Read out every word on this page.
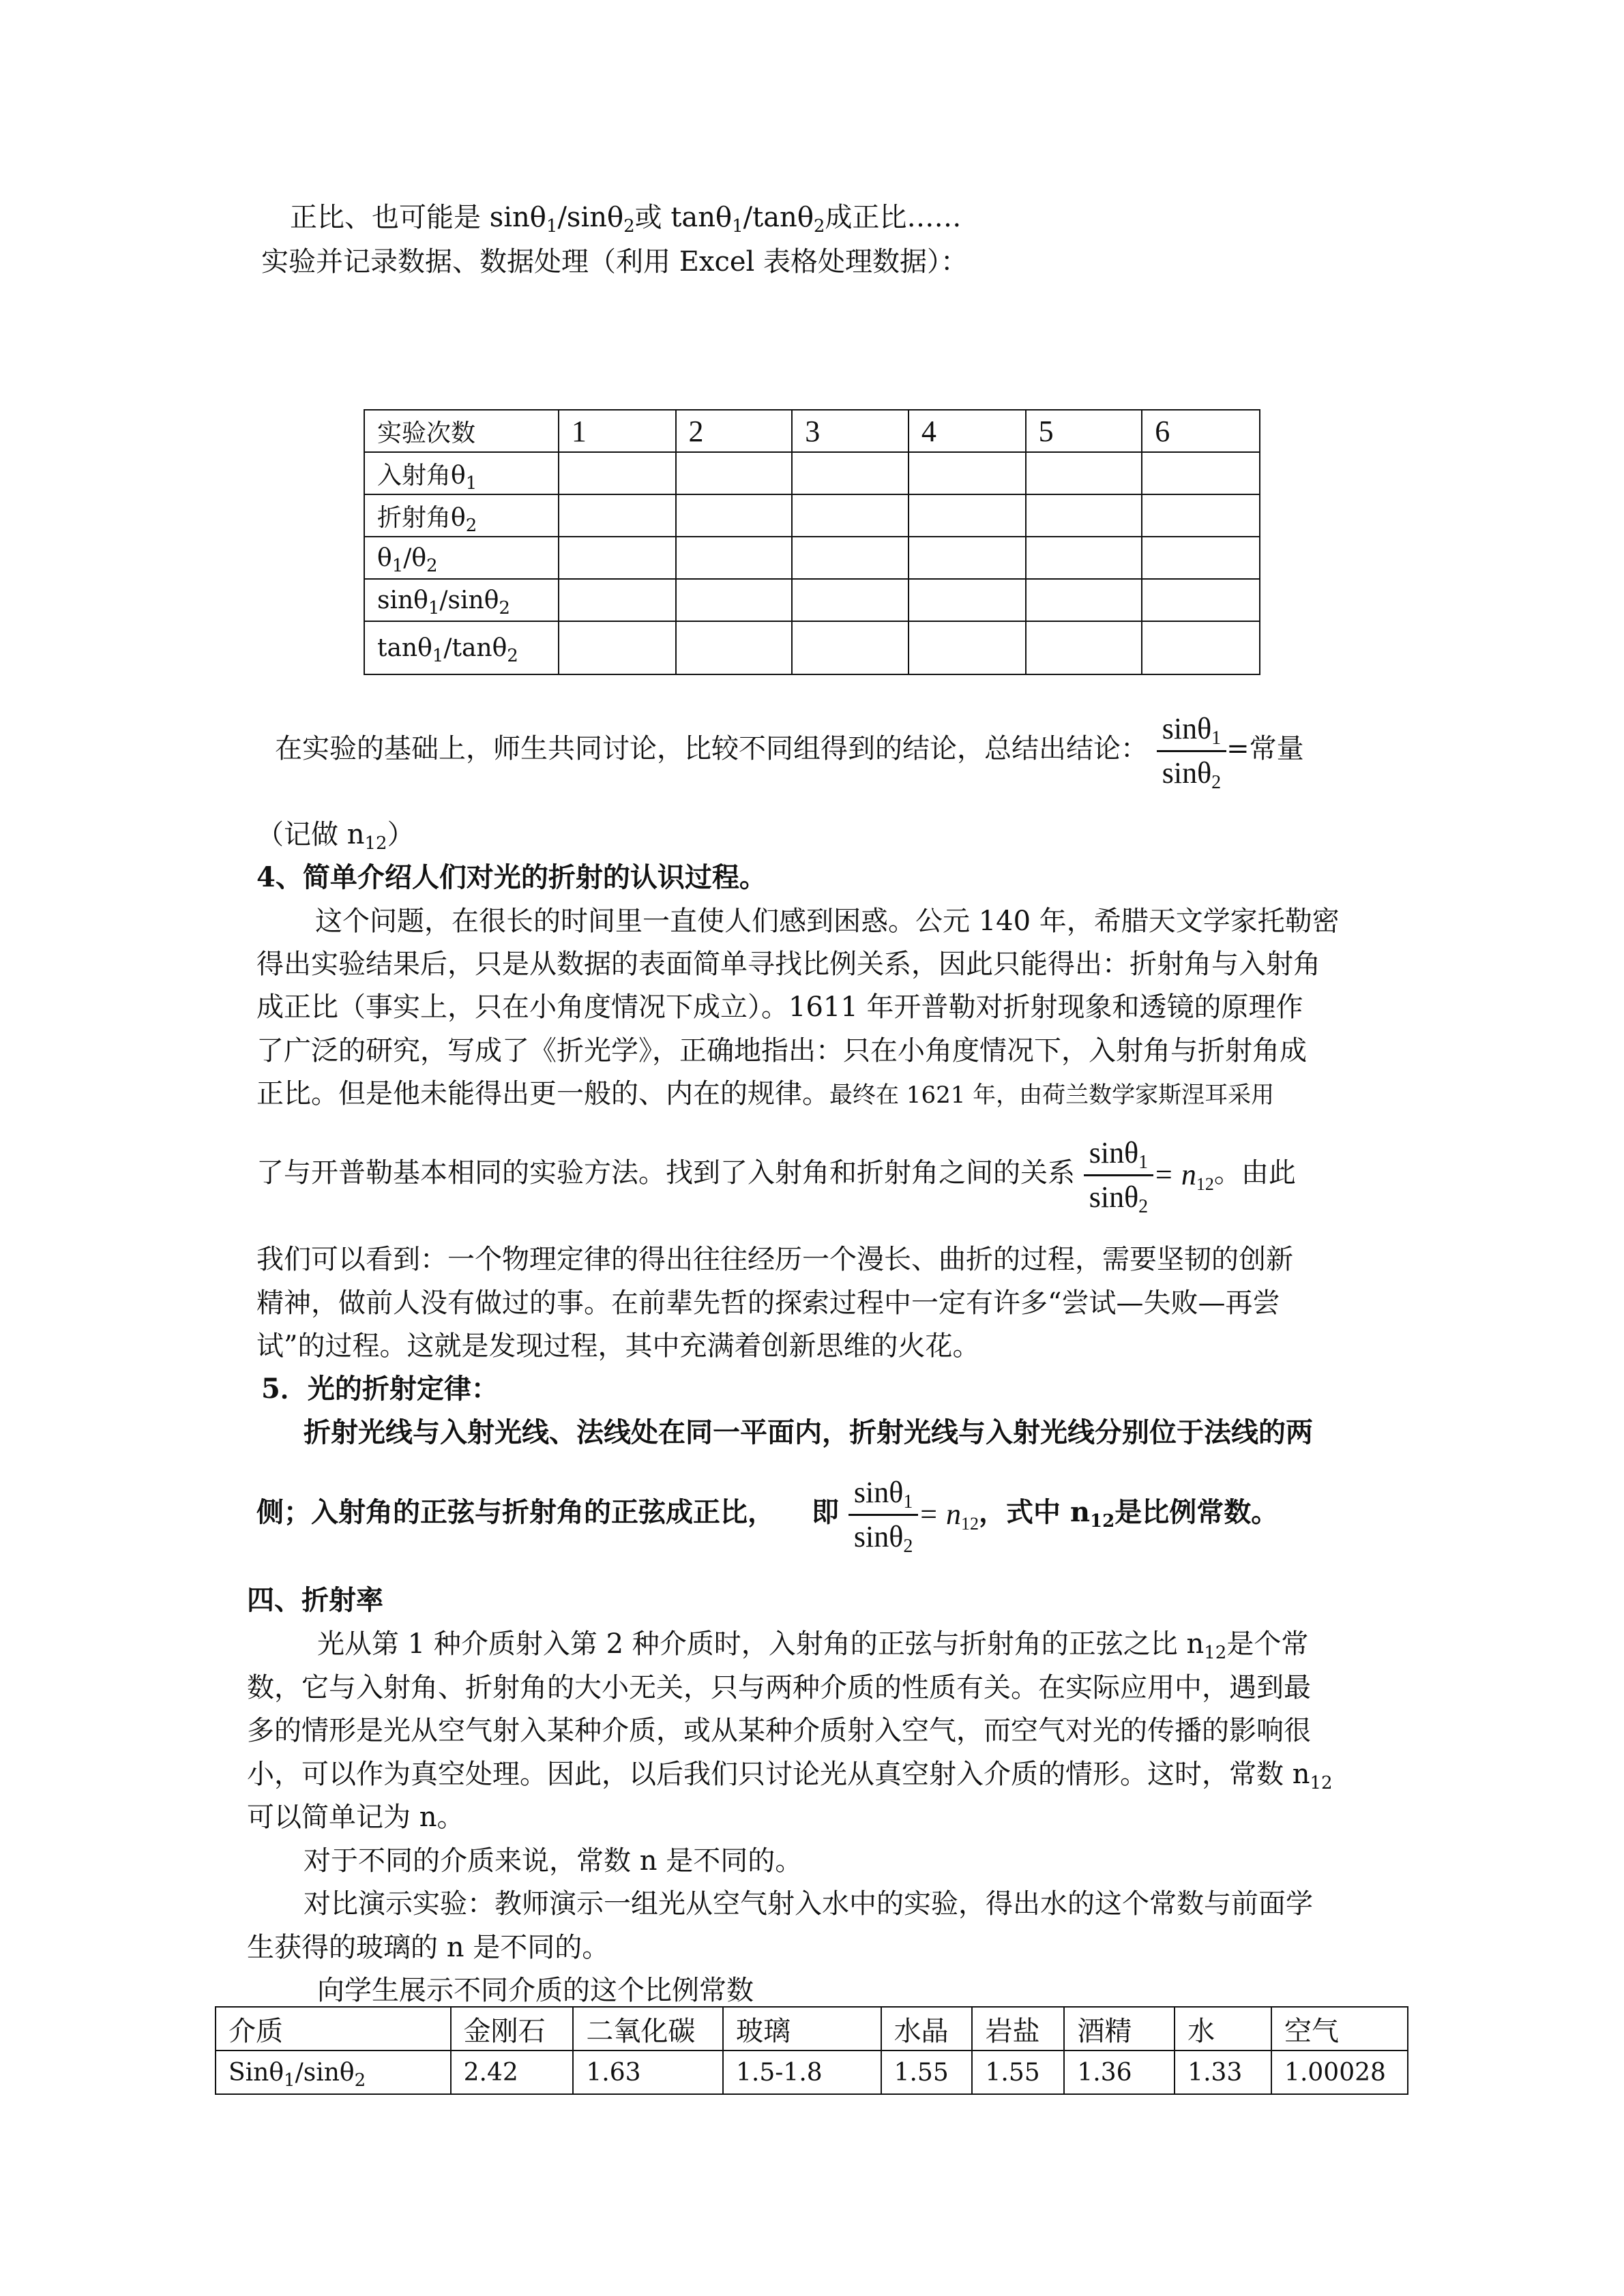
正比、也可能是 sinθ$_1$/sinθ$_2$或 tanθ$_1$/tanθ$_2$成正比……
实验并记录数据、数据处理（利用 Excel 表格处理数据）：
实验次数	1	2	3	4	5	6
入射角$\theta_1$						
折射角$\theta_2$						
$\theta_1/\theta_2$						
sinθ$_1$/sinθ$_2$						
tanθ$_1$/tanθ$_2$						
在实验的基础上，师生共同讨论，比较不同组得到的结论，总结出结论： $\frac{\sin\theta_1}{\sin\theta_2}$ =常量
（记做 $n_{12}$）
4、简单介绍人们对光的折射的认识过程。
这个问题，在很长的时间里一直使人们感到困惑。公元 140 年，希腊天文学家托勒密
得出实验结果后，只是从数据的表面简单寻找比例关系，因此只能得出：折射角与入射角
成正比（事实上，只在小角度情况下成立）。1611 年开普勒对折射现象和透镜的原理作
了广泛的研究，写成了《折光学》，正确地指出：只在小角度情况下，入射角与折射角成
正比。但是他未能得出更一般的、内在的规律。最终在 1621 年，由荷兰数学家斯涅耳采用
了与开普勒基本相同的实验方法。找到了入射角和折射角之间的关系 $\frac{\sin\theta_1}{\sin\theta_2} = n_{12}$。由此
我们可以看到：一个物理定律的得出往往经历一个漫长、曲折的过程，需要坚韧的创新
精神，做前人没有做过的事。在前辈先哲的探索过程中一定有许多“尝试—失败—再尝
试”的过程。这就是发现过程，其中充满着创新思维的火花。
5．光的折射定律：
折射光线与入射光线、法线处在同一平面内，折射光线与入射光线分别位于法线的两
侧；入射角的正弦与折射角的正弦成正比， 即 $\frac{\sin\theta_1}{\sin\theta_2} = n_{12}$，式中 $n_{12}$是比例常数。
四、折射率
光从第 1 种介质射入第 2 种介质时，入射角的正弦与折射角的正弦之比 $n_{12}$是个常
数，它与入射角、折射角的大小无关，只与两种介质的性质有关。在实际应用中，遇到最
多的情形是光从空气射入某种介质，或从某种介质射入空气，而空气对光的传播的影响很
小，可以作为真空处理。因此，以后我们只讨论光从真空射入介质的情形。这时，常数 $n_{12}$
可以简单记为 n。
对于不同的介质来说，常数 n 是不同的。
对比演示实验：教师演示一组光从空气射入水中的实验，得出水的这个常数与前面学
生获得的玻璃的 n 是不同的。
向学生展示不同介质的这个比例常数
介质	金刚石	二氧化碳	玻璃	水晶	岩盐	酒精	水	空气
Sinθ$_1$/sinθ$_2$	2.42	1.63	1.5-1.8	1.55	1.55	1.36	1.33	1.00028
